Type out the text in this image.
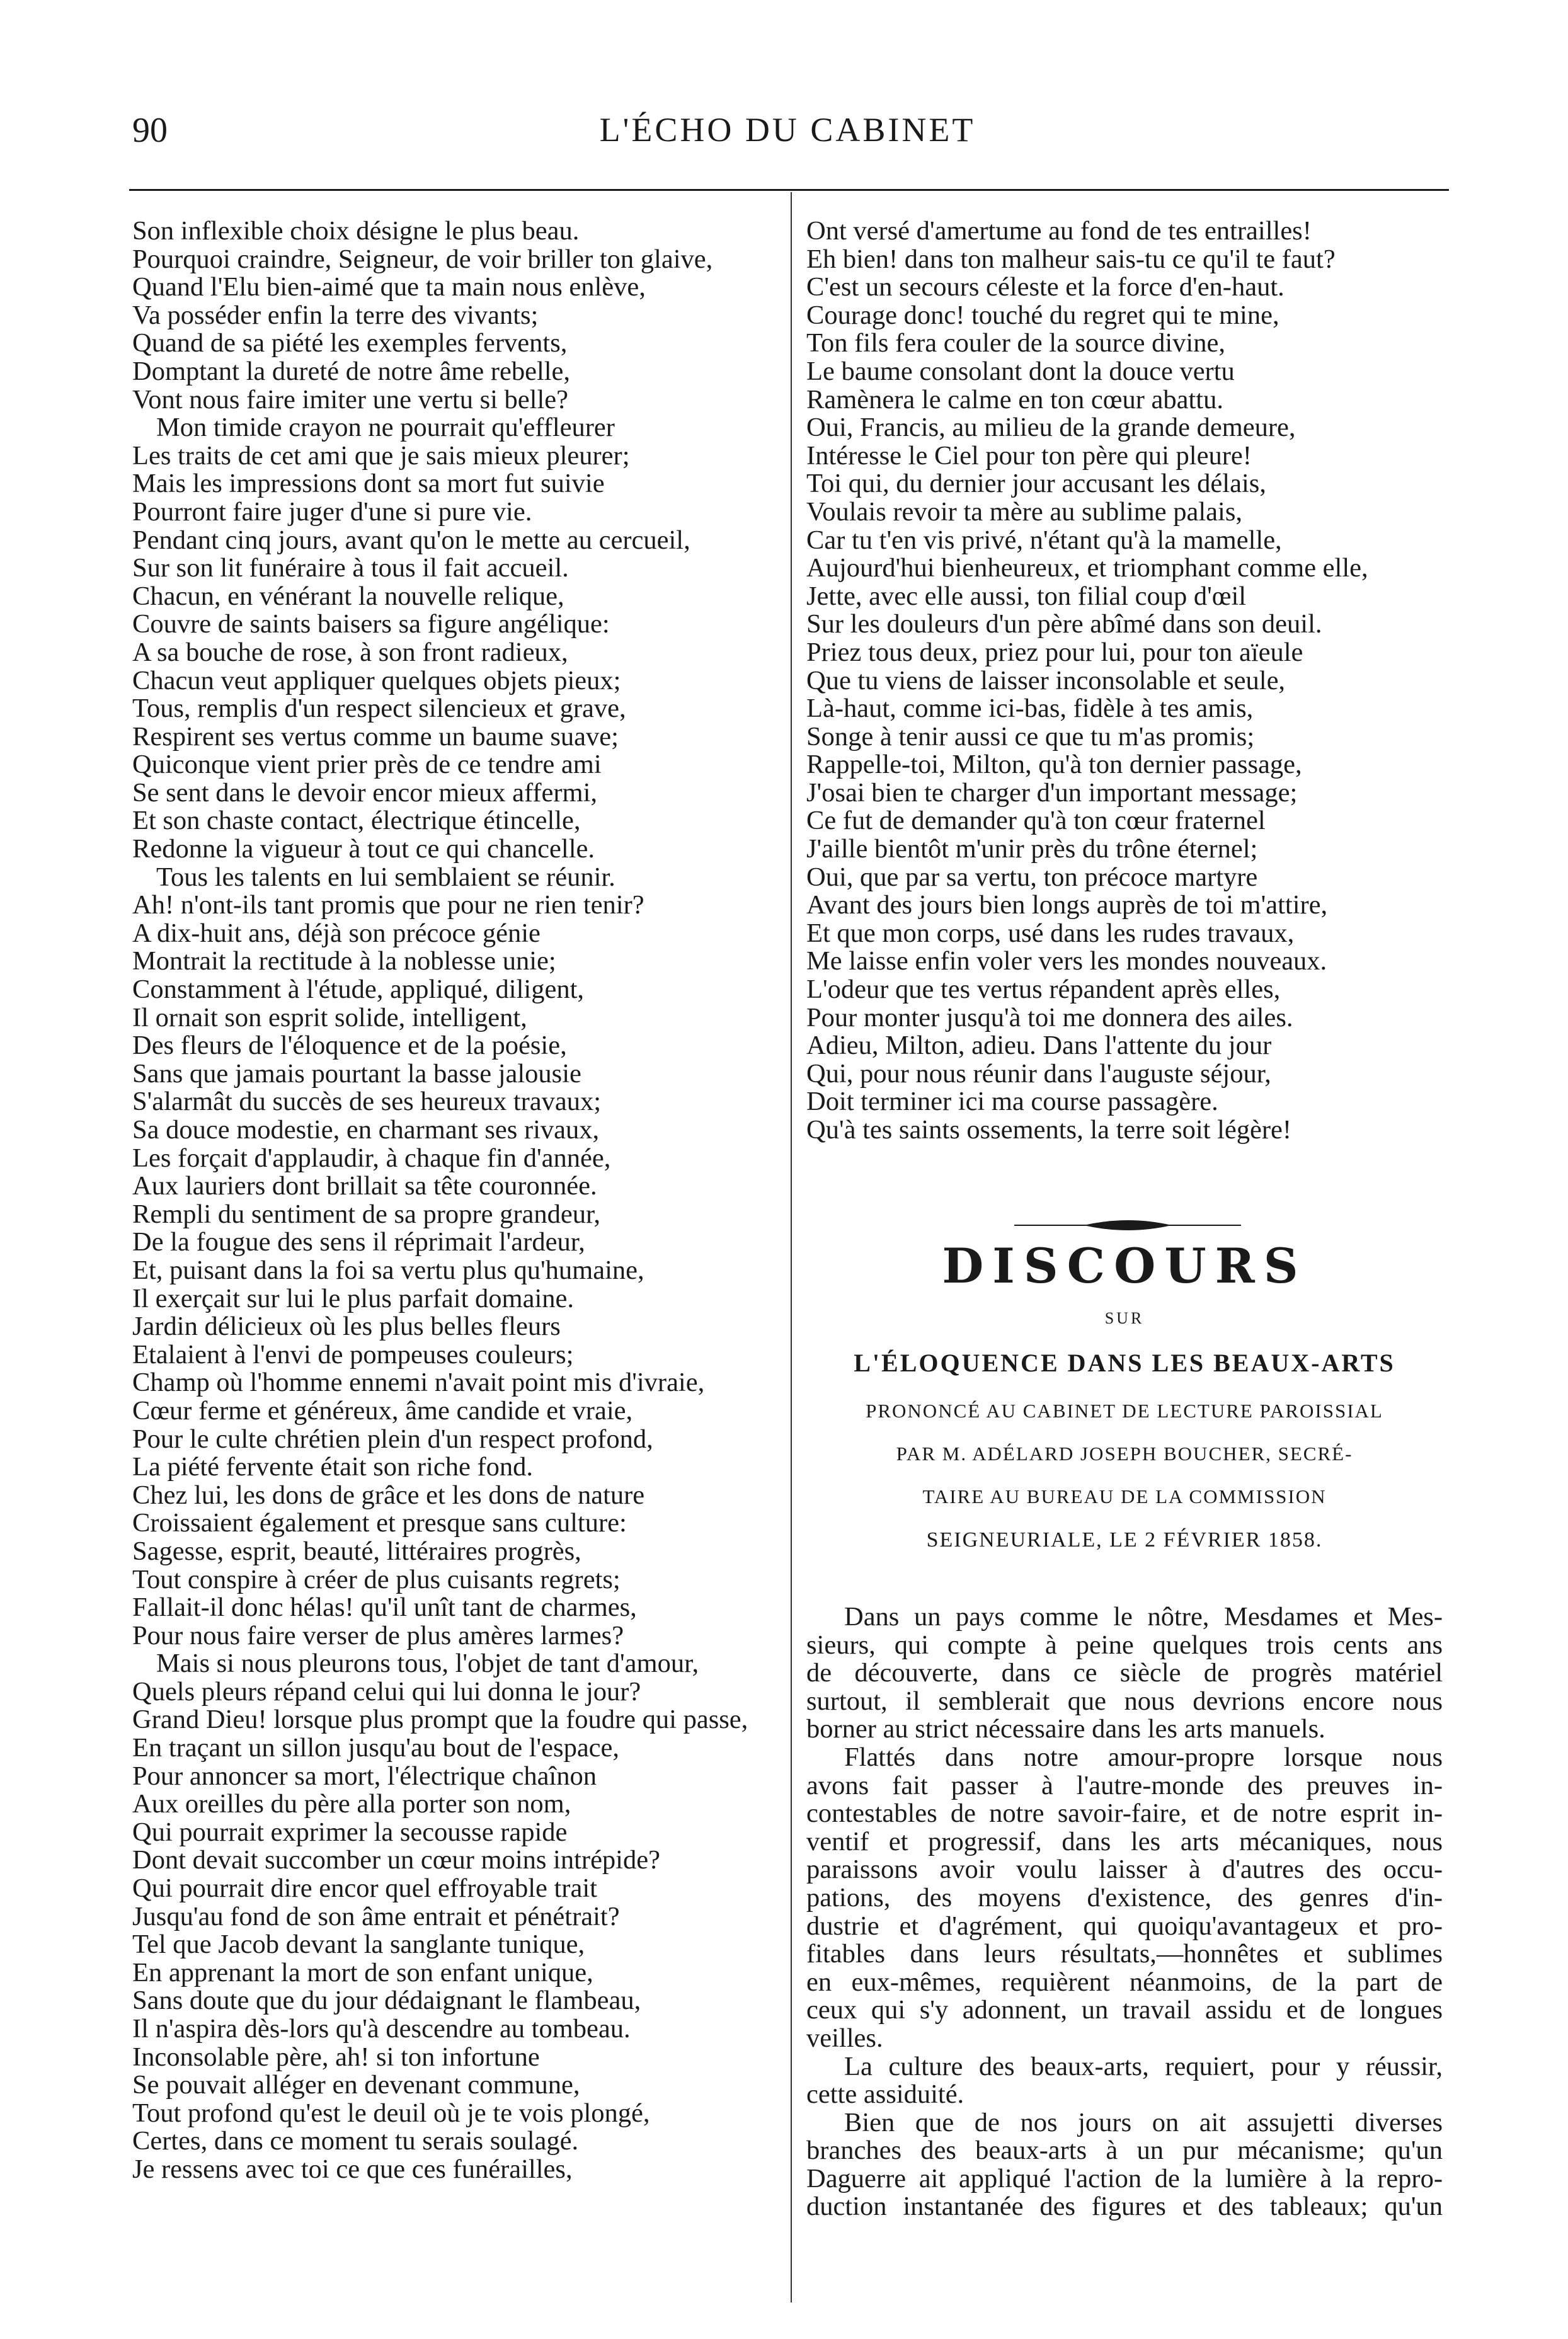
90	L'ÉCHO DU CABINET
Son inflexible choix désigne le plus beau.
Pourquoi craindre, Seigneur, de voir briller ton glaive,
Quand l'Elu bien-aimé que ta main nous enlève,
Va posséder enfin la terre des vivants;
Quand de sa piété les exemples fervents,
Domptant la dureté de notre âme rebelle,
Vont nous faire imiter une vertu si belle?
Mon timide crayon ne pourrait qu'effleurer
Les traits de cet ami que je sais mieux pleurer;
Mais les impressions dont sa mort fut suivie
Pourront faire juger d'une si pure vie.
Pendant cinq jours, avant qu'on le mette au cercueil,
Sur son lit funéraire à tous il fait accueil.
Chacun, en vénérant la nouvelle relique,
Couvre de saints baisers sa figure angélique:
A sa bouche de rose, à son front radieux,
Chacun veut appliquer quelques objets pieux;
Tous, remplis d'un respect silencieux et grave,
Respirent ses vertus comme un baume suave;
Quiconque vient prier près de ce tendre ami
Se sent dans le devoir encor mieux affermi,
Et son chaste contact, électrique étincelle,
Redonne la vigueur à tout ce qui chancelle.
Tous les talents en lui semblaient se réunir.
Ah! n'ont-ils tant promis que pour ne rien tenir?
A dix-huit ans, déjà son précoce génie
Montrait la rectitude à la noblesse unie;
Constamment à l'étude, appliqué, diligent,
Il ornait son esprit solide, intelligent,
Des fleurs de l'éloquence et de la poésie,
Sans que jamais pourtant la basse jalousie
S'alarmât du succès de ses heureux travaux;
Sa douce modestie, en charmant ses rivaux,
Les forçait d'applaudir, à chaque fin d'année,
Aux lauriers dont brillait sa tête couronnée.
Rempli du sentiment de sa propre grandeur,
De la fougue des sens il réprimait l'ardeur,
Et, puisant dans la foi sa vertu plus qu'humaine,
Il exerçait sur lui le plus parfait domaine.
Jardin délicieux où les plus belles fleurs
Etalaient à l'envi de pompeuses couleurs;
Champ où l'homme ennemi n'avait point mis d'ivraie,
Cœur ferme et généreux, âme candide et vraie,
Pour le culte chrétien plein d'un respect profond,
La piété fervente était son riche fond.
Chez lui, les dons de grâce et les dons de nature
Croissaient également et presque sans culture:
Sagesse, esprit, beauté, littéraires progrès,
Tout conspire à créer de plus cuisants regrets;
Fallait-il donc hélas! qu'il unît tant de charmes,
Pour nous faire verser de plus amères larmes?
Mais si nous pleurons tous, l'objet de tant d'amour,
Quels pleurs répand celui qui lui donna le jour?
Grand Dieu! lorsque plus prompt que la foudre qui passe,
En traçant un sillon jusqu'au bout de l'espace,
Pour annoncer sa mort, l'électrique chaînon
Aux oreilles du père alla porter son nom,
Qui pourrait exprimer la secousse rapide
Dont devait succomber un cœur moins intrépide?
Qui pourrait dire encor quel effroyable trait
Jusqu'au fond de son âme entrait et pénétrait?
Tel que Jacob devant la sanglante tunique,
En apprenant la mort de son enfant unique,
Sans doute que du jour dédaignant le flambeau,
Il n'aspira dès-lors qu'à descendre au tombeau.
Inconsolable père, ah! si ton infortune
Se pouvait alléger en devenant commune,
Tout profond qu'est le deuil où je te vois plongé,
Certes, dans ce moment tu serais soulagé.
Je ressens avec toi ce que ces funérailles,
Ont versé d'amertume au fond de tes entrailles!
Eh bien! dans ton malheur sais-tu ce qu'il te faut?
C'est un secours céleste et la force d'en-haut.
Courage donc! touché du regret qui te mine,
Ton fils fera couler de la source divine,
Le baume consolant dont la douce vertu
Ramènera le calme en ton cœur abattu.
Oui, Francis, au milieu de la grande demeure,
Intéresse le Ciel pour ton père qui pleure!
Toi qui, du dernier jour accusant les délais,
Voulais revoir ta mère au sublime palais,
Car tu t'en vis privé, n'étant qu'à la mamelle,
Aujourd'hui bienheureux, et triomphant comme elle,
Jette, avec elle aussi, ton filial coup d'œil
Sur les douleurs d'un père abîmé dans son deuil.
Priez tous deux, priez pour lui, pour ton aïeule
Que tu viens de laisser inconsolable et seule,
Là-haut, comme ici-bas, fidèle à tes amis,
Songe à tenir aussi ce que tu m'as promis;
Rappelle-toi, Milton, qu'à ton dernier passage,
J'osai bien te charger d'un important message;
Ce fut de demander qu'à ton cœur fraternel
J'aille bientôt m'unir près du trône éternel;
Oui, que par sa vertu, ton précoce martyre
Avant des jours bien longs auprès de toi m'attire,
Et que mon corps, usé dans les rudes travaux,
Me laisse enfin voler vers les mondes nouveaux.
L'odeur que tes vertus répandent après elles,
Pour monter jusqu'à toi me donnera des ailes.
Adieu, Milton, adieu. Dans l'attente du jour
Qui, pour nous réunir dans l'auguste séjour,
Doit terminer ici ma course passagère.
Qu'à tes saints ossements, la terre soit légère!
DISCOURS
SUR
L'ÉLOQUENCE DANS LES BEAUX-ARTS
PRONONCÉ AU CABINET DE LECTURE PAROISSIAL
PAR M. ADÉLARD JOSEPH BOUCHER, SECRÉ-
TAIRE AU BUREAU DE LA COMMISSION
SEIGNEURIALE, LE 2 FÉVRIER 1858.
Dans un pays comme le nôtre, Mesdames et Mes-
sieurs, qui compte à peine quelques trois cents ans
de découverte, dans ce siècle de progrès matériel
surtout, il semblerait que nous devrions encore nous
borner au strict nécessaire dans les arts manuels.
Flattés dans notre amour-propre lorsque nous
avons fait passer à l'autre-monde des preuves in-
contestables de notre savoir-faire, et de notre esprit in-
ventif et progressif, dans les arts mécaniques, nous
paraissons avoir voulu laisser à d'autres des occu-
pations, des moyens d'existence, des genres d'in-
dustrie et d'agrément, qui quoiqu'avantageux et pro-
fitables dans leurs résultats,—honnêtes et sublimes
en eux-mêmes, requièrent néanmoins, de la part de
ceux qui s'y adonnent, un travail assidu et de longues
veilles.
La culture des beaux-arts, requiert, pour y réussir,
cette assiduité.
Bien que de nos jours on ait assujetti diverses
branches des beaux-arts à un pur mécanisme; qu'un
Daguerre ait appliqué l'action de la lumière à la repro-
duction instantanée des figures et des tableaux; qu'un
